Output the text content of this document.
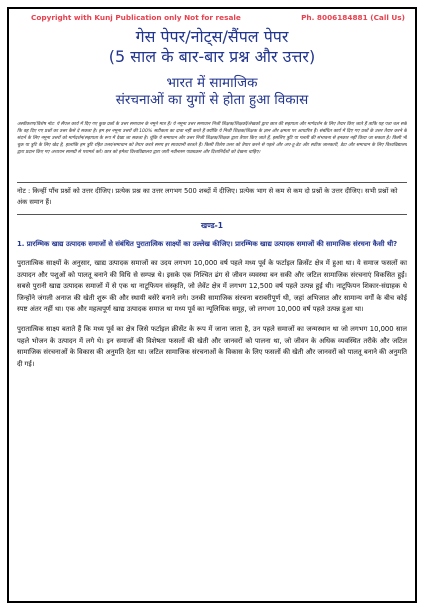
Copyright with Kunj Publication only Not for resale	Ph. 8006184881 (Call Us)
गेस पेपर/नोट्स/सैंपल पेपर
(5 साल के बार-बार प्रश्न और उत्तर)
भारत में सामाजिक
संरचनाओं का युगों से होता हुआ विकास
अस्वीकरण/विशेष नोट: ये सैंपल कार्य में दिए गए कुछ प्रश्नों के उत्तर समाधान के नमूने मात्र हैं। ये नमूना उत्तर समाधान निजी शिक्षक/शिक्षकों/लेखकों द्वारा छात्र की सहायता और मार्गदर्शन के लिए तैयार किए जाते हैं ताकि यह पता चल सके कि वह दिए गए प्रश्नों का उत्तर कैसे दे सकता है। हम इन नमूना उत्तरों की 100% सटीकता का दावा नहीं करते हैं क्योंकि ये निजी शिक्षक/शिक्षक के ज्ञान और क्षमता पर आधारित हैं। संबंधित कार्य में दिए गए प्रश्नों के उत्तर तैयार करने के संदर्भ के लिए नमूना उत्तरों को मार्गदर्शन/सहायता के रूप में देखा जा सकता है। चूंकि ये समाधान और उत्तर निजी शिक्षक/शिक्षक द्वारा तैयार किए जाते हैं, इसलिए त्रुटि या गलती की संभावना से इनकार नहीं किया जा सकता है। किसी भी चूक या त्रुटि के लिए खेद है, हालांकि हम त्रुटि रहित उत्तर/समाधान को तैयार करते समय हर सावधानी बरतते हैं। किसी विशेष उत्तर को तैयार करने से पहले और अप-टू-डेट और सटीक जानकारी, डेटा और समाधान के लिए विश्वविद्यालय द्वारा प्रदान किए गए अध्ययन सामग्री से परामर्श करें। छात्र को हमेशा विश्वविद्यालय द्वारा जारी नवीनतम पाठ्यक्रम और दिशानिर्देशों को देखना चाहिए।
नोट : किन्हीं पाँच प्रश्नों को उत्तर दीजिए। प्रत्येक प्रश्न का उत्तर लगभग 500 शब्दों में दीजिए। प्रत्येक भाग से कम से कम दो प्रश्नों के उत्तर दीजिए। सभी प्रश्नों को अंक समान हैं।
खण्ड-1
1. प्रारम्भिक खाद्य उत्पादक समाजों से संबंधित पुरातात्विक साक्ष्यों का उल्लेख कीजिए। प्रारम्भिक खाद्य उत्पादक समाजों की सामाजिक संरचना कैसी थी?
पुरातात्विक साक्ष्यों के अनुसार, खाद्य उत्पादक समाजों का उदय लगभग 10,000 वर्ष पहले मध्य पूर्व के फर्टाइल क्रिसेंट क्षेत्र में हुआ था। ये समाज फसलों का उत्पादन और पशुओं को पालतू बनाने की विधि से सम्पन्न थे। इसके एक निश्चित ढंग से जीवन व्यवस्था बन सकी और जटिल सामाजिक संरचनाएं विकसित हुईं। सबसे पुरानी खाद्य उत्पादक समाजों में से एक था नाटूफियन संस्कृति, जो लेवेंट क्षेत्र में लगभग 12,500 वर्ष पहले उत्पन्न हुई थी। नाटूफियन शिकार-संग्राहक थे जिन्होंने जंगली अनाज की खेती शुरू की और स्थायी बसेरे बनाने लगे। उनकी सामाजिक संरचना बराबरीपूर्ण थी, जहां अभिजात और सामान्य वर्गों के बीच कोई स्पष्ट अंतर नहीं था। एक और महत्वपूर्ण खाद्य उत्पादक समाज था मध्य पूर्व का न्यूलिथिक समूह, जो लगभग 10,000 वर्ष पहले उत्पन्न हुआ था।
पुरातात्विक साक्ष्य बताते हैं कि मध्य पूर्व का क्षेत्र जिसे फर्टाइल क्रीसेंट के रूप में जाना जाता है, उन पहले समाजों का जन्मस्थान था जो लगभग 10,000 साल पहले भोजन के उत्पादन में लगे थे। इन समाजों की विशेषता फसलों की खेती और जानवरों को पालना था, जो जीवन के अधिक व्यवस्थित तरीके और जटिल सामाजिक संरचनाओं के विकास की अनुमति देता था। जटिल सामाजिक संरचनाओं के विकास के लिए फसलों की खेती और जानवरों को पालतू बनाने की अनुमति दी गई।
